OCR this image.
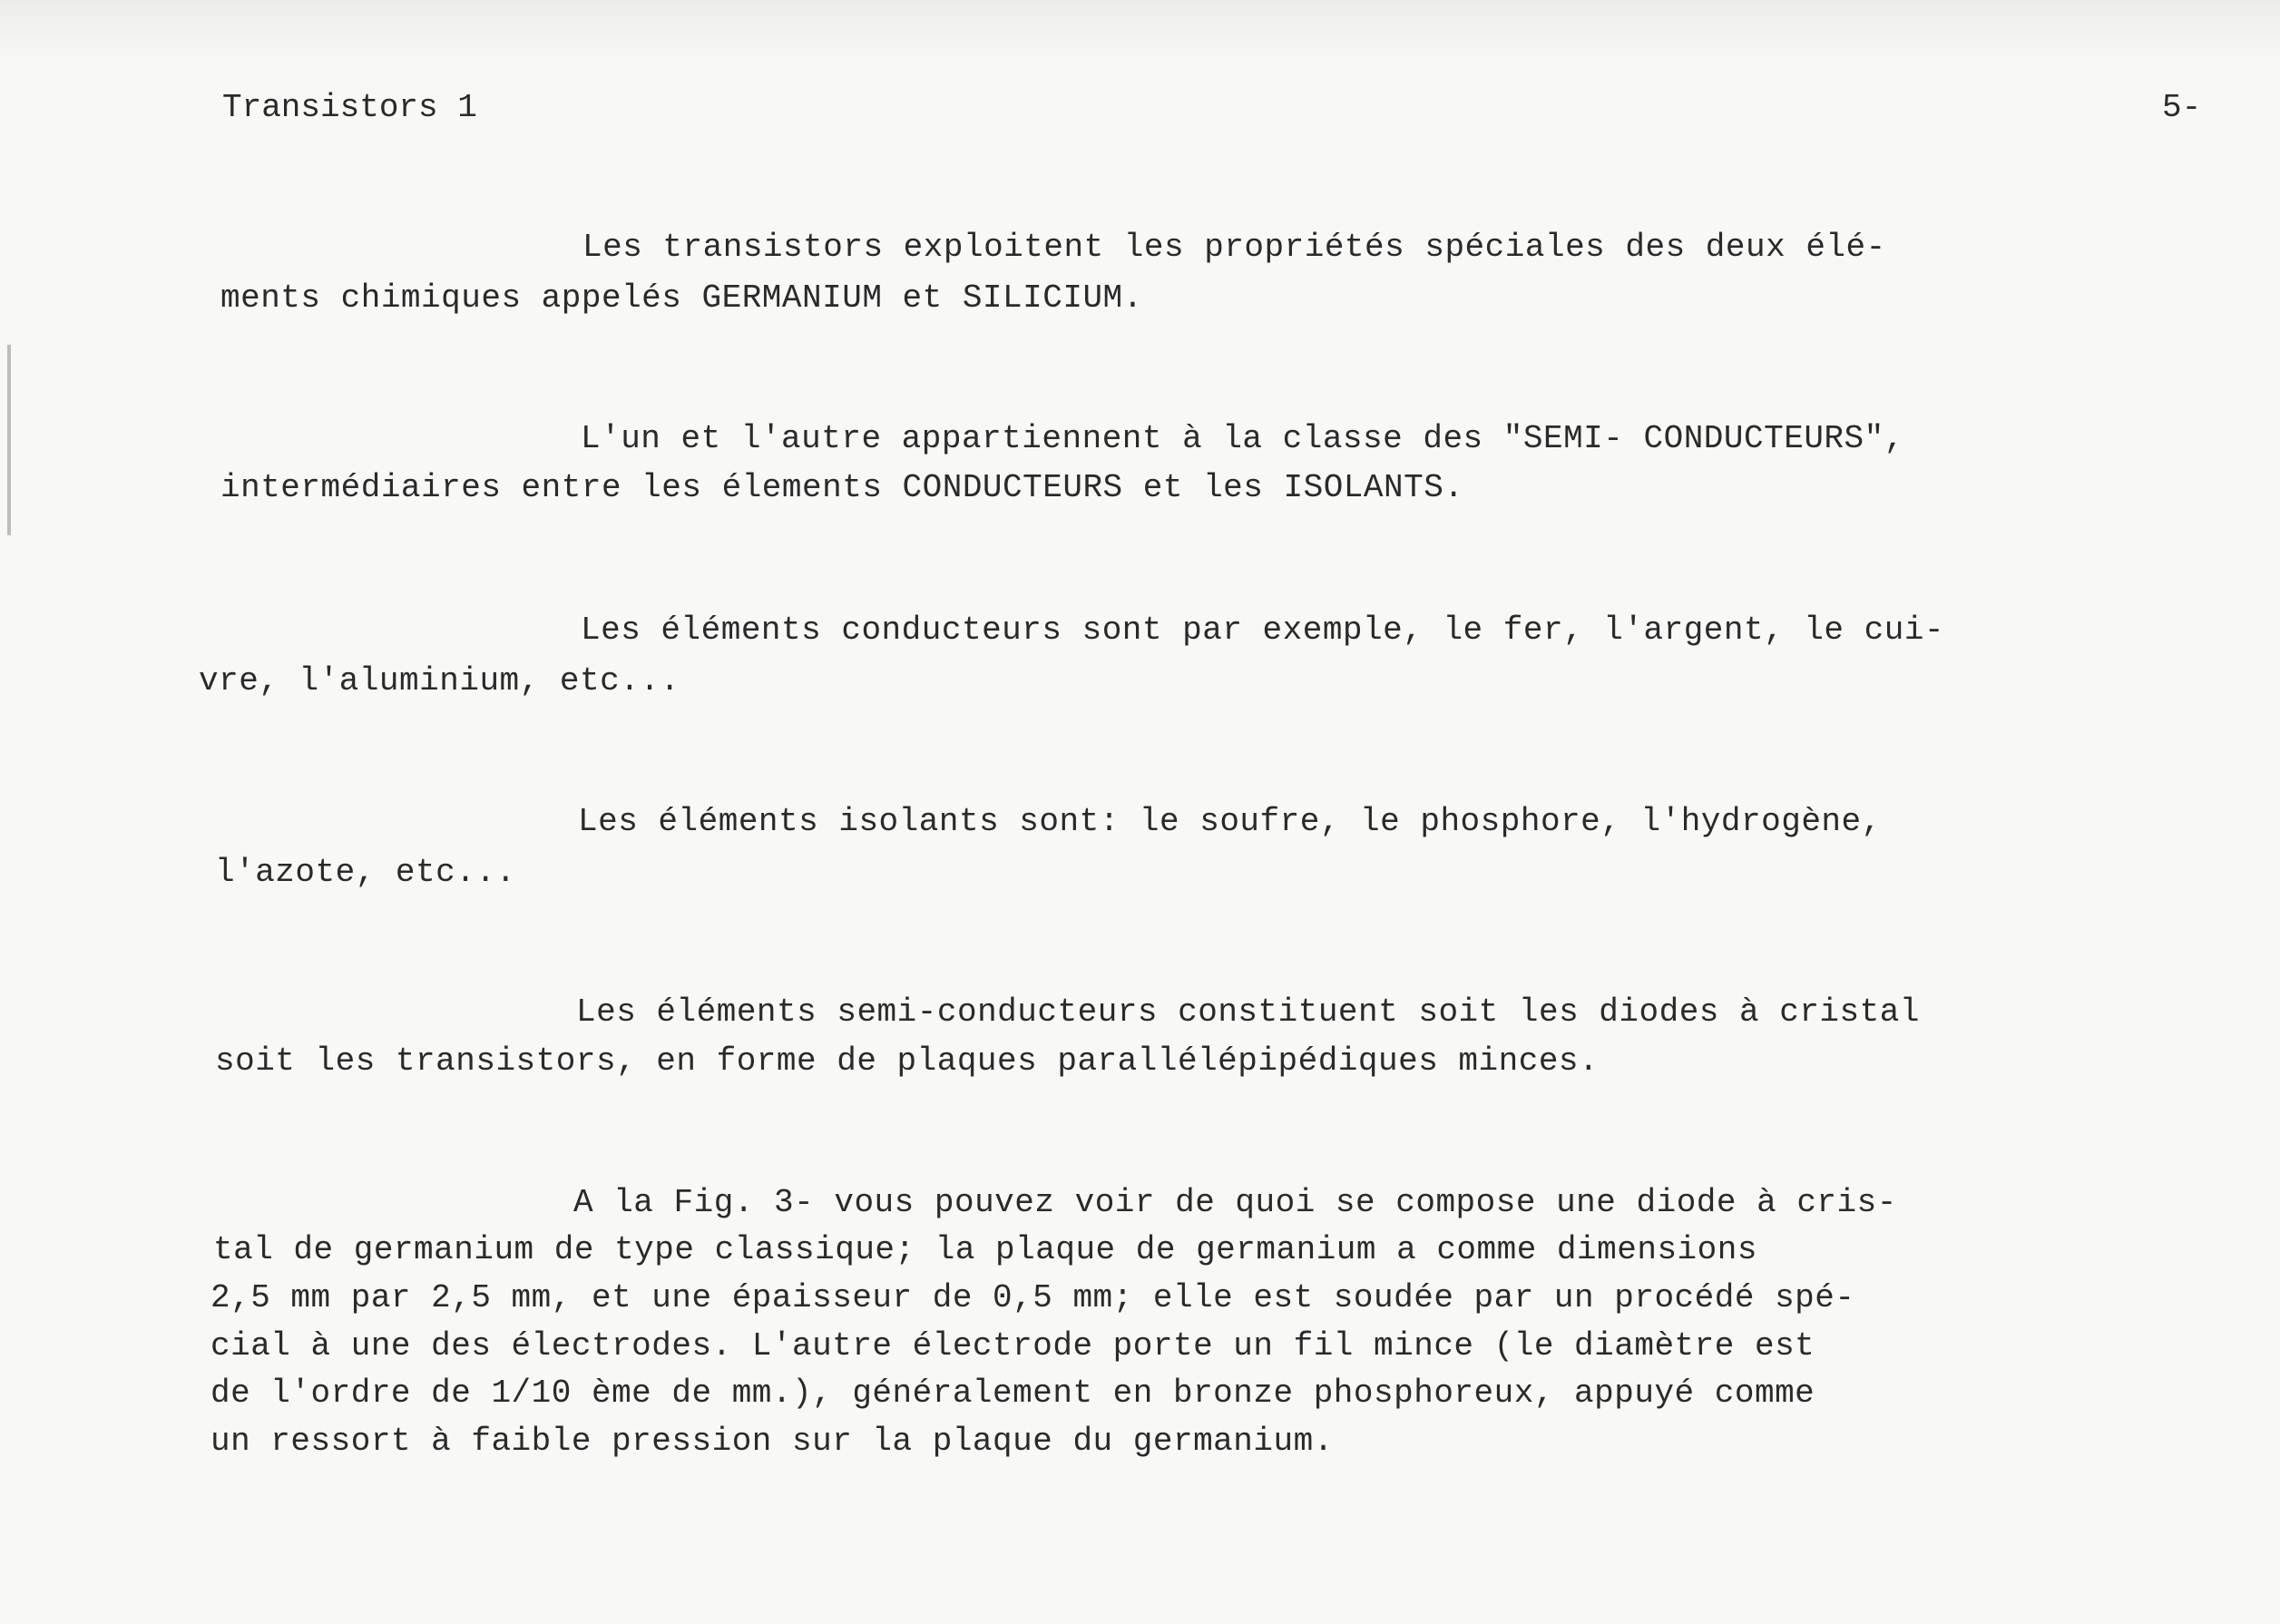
Transistors 1	5-
Les transistors exploitent les propriétés spéciales des deux élé-
ments chimiques appelés GERMANIUM et SILICIUM.
L'un et l'autre appartiennent à la classe des "SEMI- CONDUCTEURS",
intermédiaires entre les élements CONDUCTEURS et les ISOLANTS.
Les éléments conducteurs sont par exemple, le fer, l'argent, le cui-
vre, l'aluminium, etc...
Les éléments isolants sont: le soufre, le phosphore, l'hydrogène,
l'azote, etc...
Les éléments semi-conducteurs constituent soit les diodes à cristal
soit les transistors, en forme de plaques parallélépipédiques minces.
A la Fig. 3- vous pouvez voir de quoi se compose une diode à cris-
tal de germanium de type classique; la plaque de germanium a comme dimensions
2,5 mm par 2,5 mm, et une épaisseur de 0,5 mm; elle est soudée par un procédé spé-
cial à une des électrodes. L'autre électrode porte un fil mince (le diamètre est
de l'ordre de 1/10 ème de mm.), généralement en bronze phosphoreux, appuyé comme
un ressort à faible pression sur la plaque du germanium.
